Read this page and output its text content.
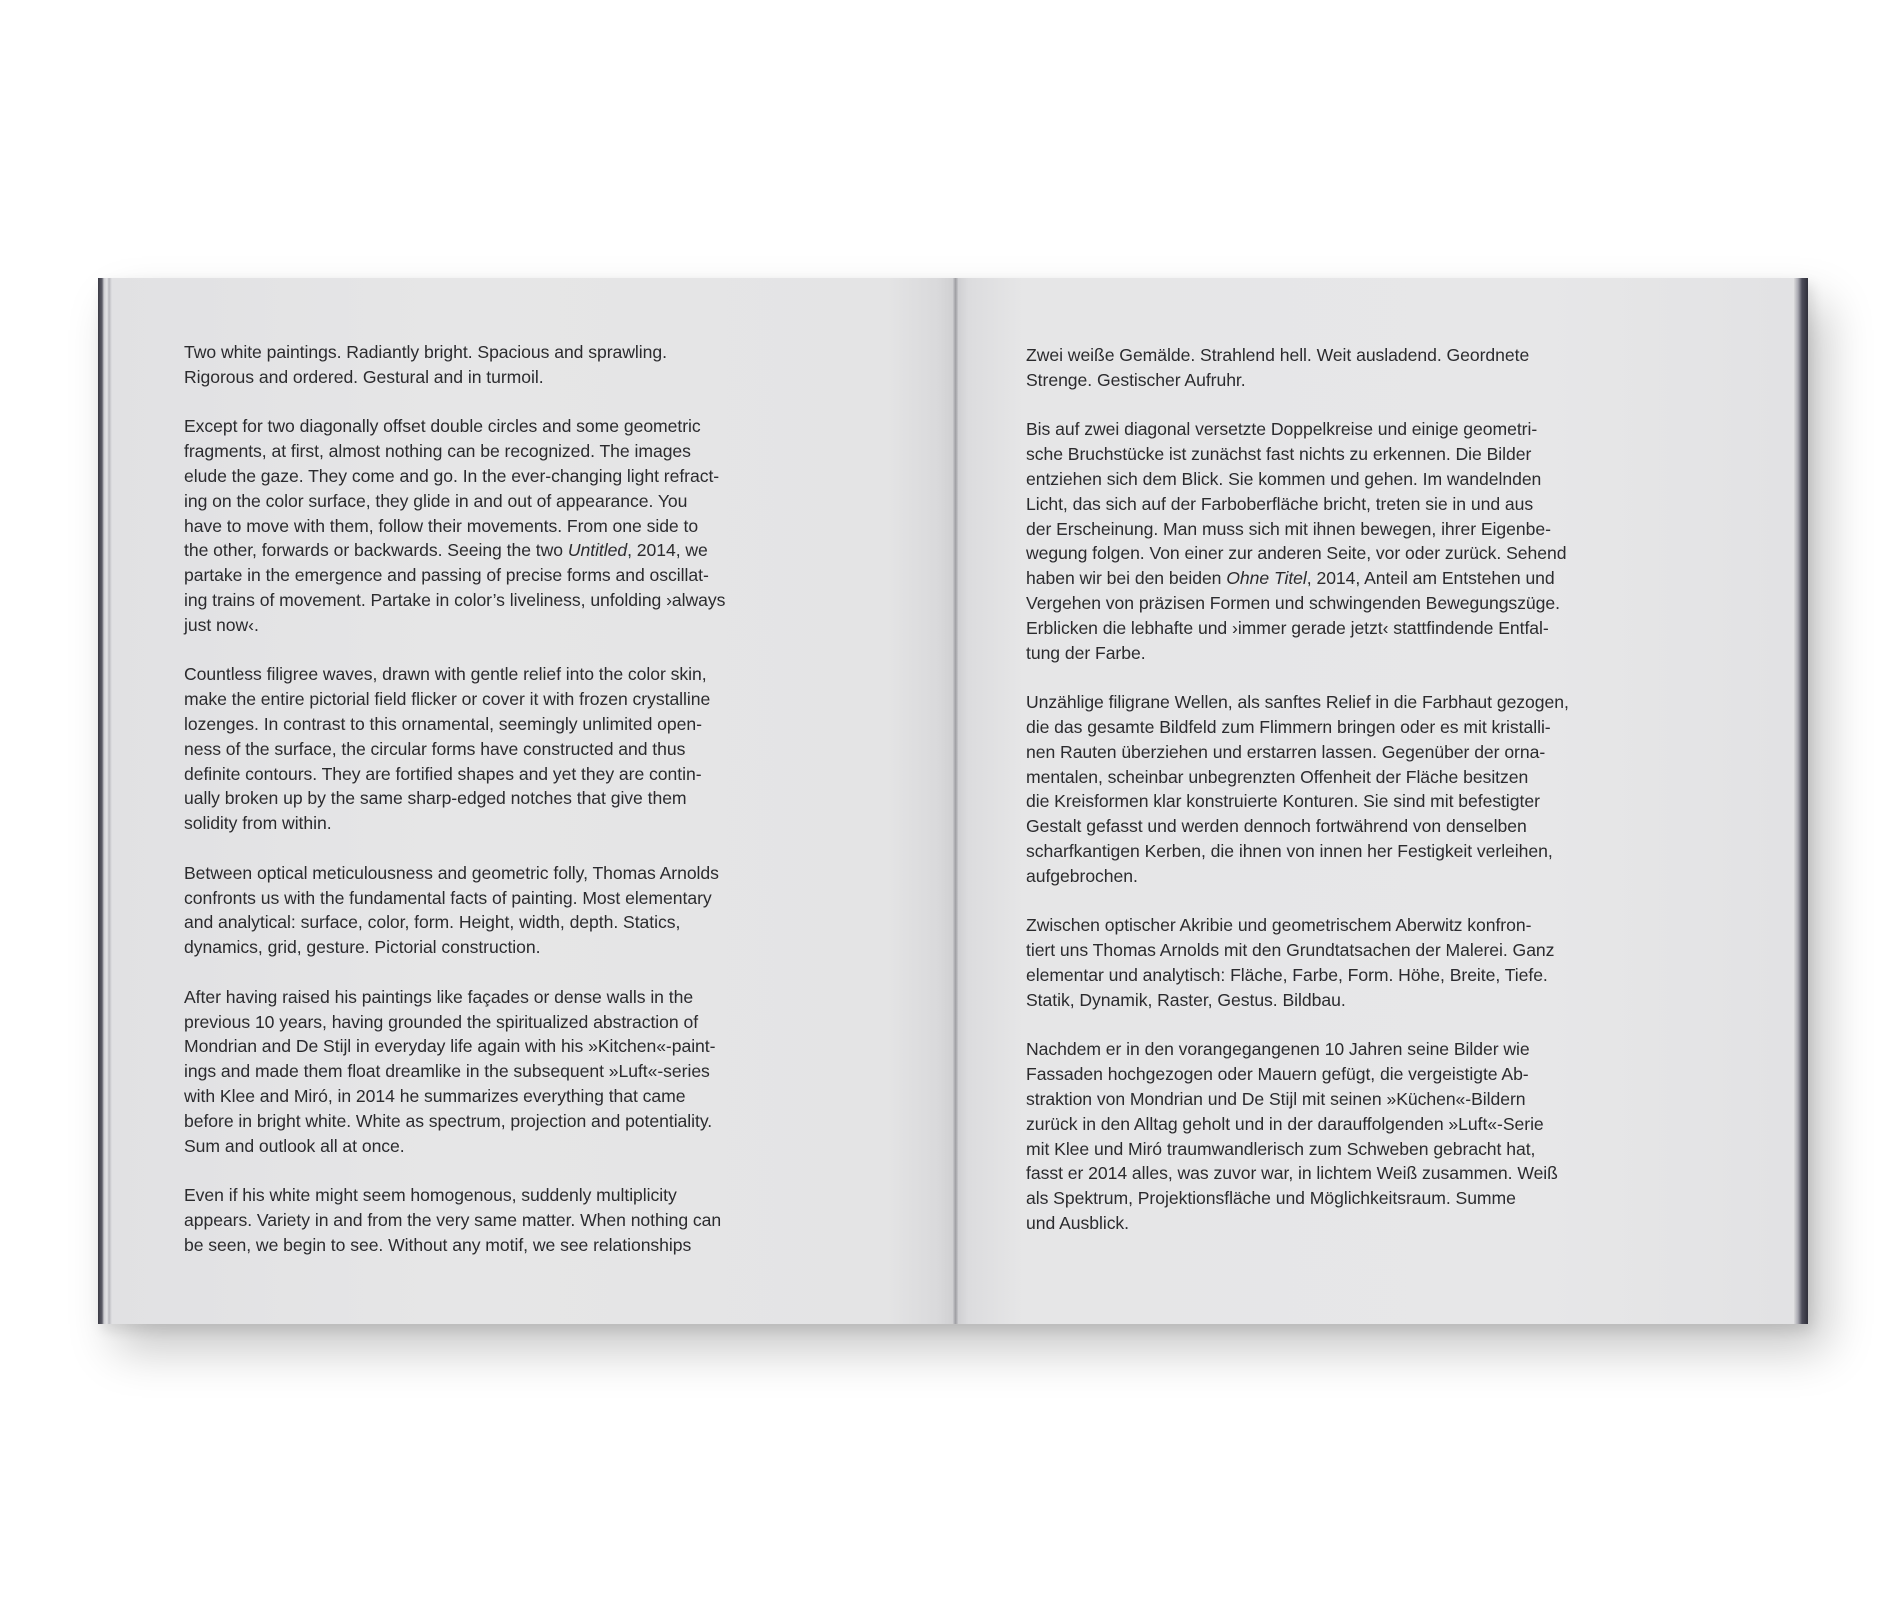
Two white paintings. Radiantly bright. Spacious and sprawling.
Rigorous and ordered. Gestural and in turmoil.
Except for two diagonally offset double circles and some geometric
fragments, at first, almost nothing can be recognized. The images
elude the gaze. They come and go. In the ever-changing light refract-
ing on the color surface, they glide in and out of appearance. You
have to move with them, follow their movements. From one side to
the other, forwards or backwards. Seeing the two Untitled, 2014, we
partake in the emergence and passing of precise forms and oscillat-
ing trains of movement. Partake in color’s liveliness, unfolding ›always
just now‹.
Countless filigree waves, drawn with gentle relief into the color skin,
make the entire pictorial field flicker or cover it with frozen crystalline
lozenges. In contrast to this ornamental, seemingly unlimited open-
ness of the surface, the circular forms have constructed and thus
definite contours. They are fortified shapes and yet they are contin-
ually broken up by the same sharp-edged notches that give them
solidity from within.
Between optical meticulousness and geometric folly, Thomas Arnolds
confronts us with the fundamental facts of painting. Most elementary
and analytical: surface, color, form. Height, width, depth. Statics,
dynamics, grid, gesture. Pictorial construction.
After having raised his paintings like façades or dense walls in the
previous 10 years, having grounded the spiritualized abstraction of
Mondrian and De Stijl in everyday life again with his »Kitchen«-paint-
ings and made them float dreamlike in the subsequent »Luft«-series
with Klee and Miró, in 2014 he summarizes everything that came
before in bright white. White as spectrum, projection and potentiality.
Sum and outlook all at once.
Even if his white might seem homogenous, suddenly multiplicity
appears. Variety in and from the very same matter. When nothing can
be seen, we begin to see. Without any motif, we see relationships
Zwei weiße Gemälde. Strahlend hell. Weit ausladend. Geordnete
Strenge. Gestischer Aufruhr.
Bis auf zwei diagonal versetzte Doppelkreise und einige geometri-
sche Bruchstücke ist zunächst fast nichts zu erkennen. Die Bilder
entziehen sich dem Blick. Sie kommen und gehen. Im wandelnden
Licht, das sich auf der Farboberfläche bricht, treten sie in und aus
der Erscheinung. Man muss sich mit ihnen bewegen, ihrer Eigenbe-
wegung folgen. Von einer zur anderen Seite, vor oder zurück. Sehend
haben wir bei den beiden Ohne Titel, 2014, Anteil am Entstehen und
Vergehen von präzisen Formen und schwingenden Bewegungszüge.
Erblicken die lebhafte und ›immer gerade jetzt‹ stattfindende Entfal-
tung der Farbe.
Unzählige filigrane Wellen, als sanftes Relief in die Farbhaut gezogen,
die das gesamte Bildfeld zum Flimmern bringen oder es mit kristalli-
nen Rauten überziehen und erstarren lassen. Gegenüber der orna-
mentalen, scheinbar unbegrenzten Offenheit der Fläche besitzen
die Kreisformen klar konstruierte Konturen. Sie sind mit befestigter
Gestalt gefasst und werden dennoch fortwährend von denselben
scharfkantigen Kerben, die ihnen von innen her Festigkeit verleihen,
aufgebrochen.
Zwischen optischer Akribie und geometrischem Aberwitz konfron-
tiert uns Thomas Arnolds mit den Grundtatsachen der Malerei. Ganz
elementar und analytisch: Fläche, Farbe, Form. Höhe, Breite, Tiefe.
Statik, Dynamik, Raster, Gestus. Bildbau.
Nachdem er in den vorangegangenen 10 Jahren seine Bilder wie
Fassaden hochgezogen oder Mauern gefügt, die vergeistigte Ab-
straktion von Mondrian und De Stijl mit seinen »Küchen«-Bildern
zurück in den Alltag geholt und in der darauffolgenden »Luft«-Serie
mit Klee und Miró traumwandlerisch zum Schweben gebracht hat,
fasst er 2014 alles, was zuvor war, in lichtem Weiß zusammen. Weiß
als Spektrum, Projektionsfläche und Möglichkeitsraum. Summe
und Ausblick.
